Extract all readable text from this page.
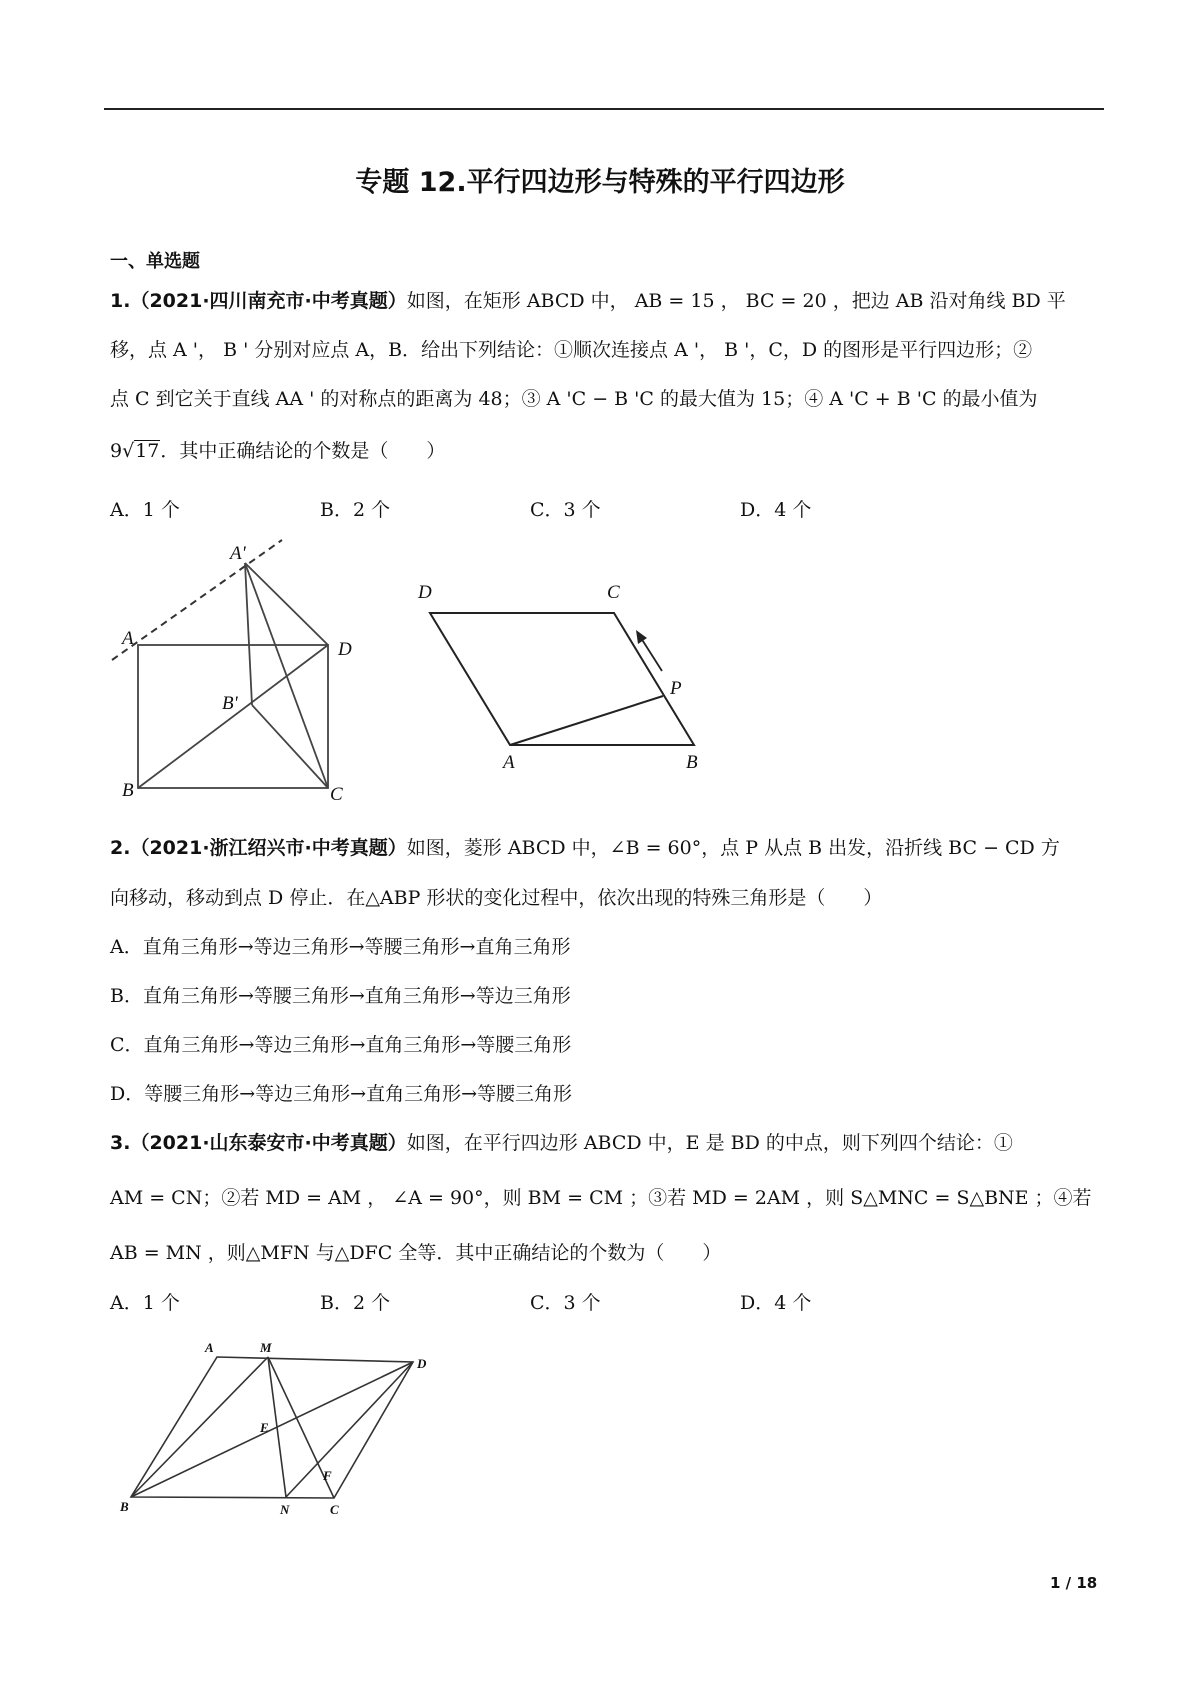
专题 12.平行四边形与特殊的平行四边形
一、单选题
1.（2021·四川南充市·中考真题）如图，在矩形 ABCD 中， AB = 15 ， BC = 20 ，把边 AB 沿对角线 BD 平
移，点 A '， B ' 分别对应点 A，B．给出下列结论：①顺次连接点 A '， B '，C，D 的图形是平行四边形；②
点 C 到它关于直线 AA ' 的对称点的距离为 48；③ A 'C − B 'C 的最大值为 15；④ A 'C + B 'C 的最小值为
9√17．其中正确结论的个数是（　　）
A．1 个	B．2 个	C．3 个	D．4 个
A'
A
D
B'
B	C
D	C
P
A	B
2.（2021·浙江绍兴市·中考真题）如图，菱形 ABCD 中，∠B = 60°，点 P 从点 B 出发，沿折线 BC − CD 方
向移动，移动到点 D 停止．在△ABP 形状的变化过程中，依次出现的特殊三角形是（　　）
A．直角三角形→等边三角形→等腰三角形→直角三角形
B．直角三角形→等腰三角形→直角三角形→等边三角形
C．直角三角形→等边三角形→直角三角形→等腰三角形
D．等腰三角形→等边三角形→直角三角形→等腰三角形
3.（2021·山东泰安市·中考真题）如图，在平行四边形 ABCD 中，E 是 BD 的中点，则下列四个结论：①
AM = CN；②若 MD = AM ， ∠A = 90°，则 BM = CM ；③若 MD = 2AM ，则 S△MNC = S△BNE ；④若
AB = MN ，则△MFN 与△DFC 全等．其中正确结论的个数为（　　）
A．1 个	B．2 个	C．3 个	D．4 个
A	M
D
E
F
B	N	C
1 / 18
